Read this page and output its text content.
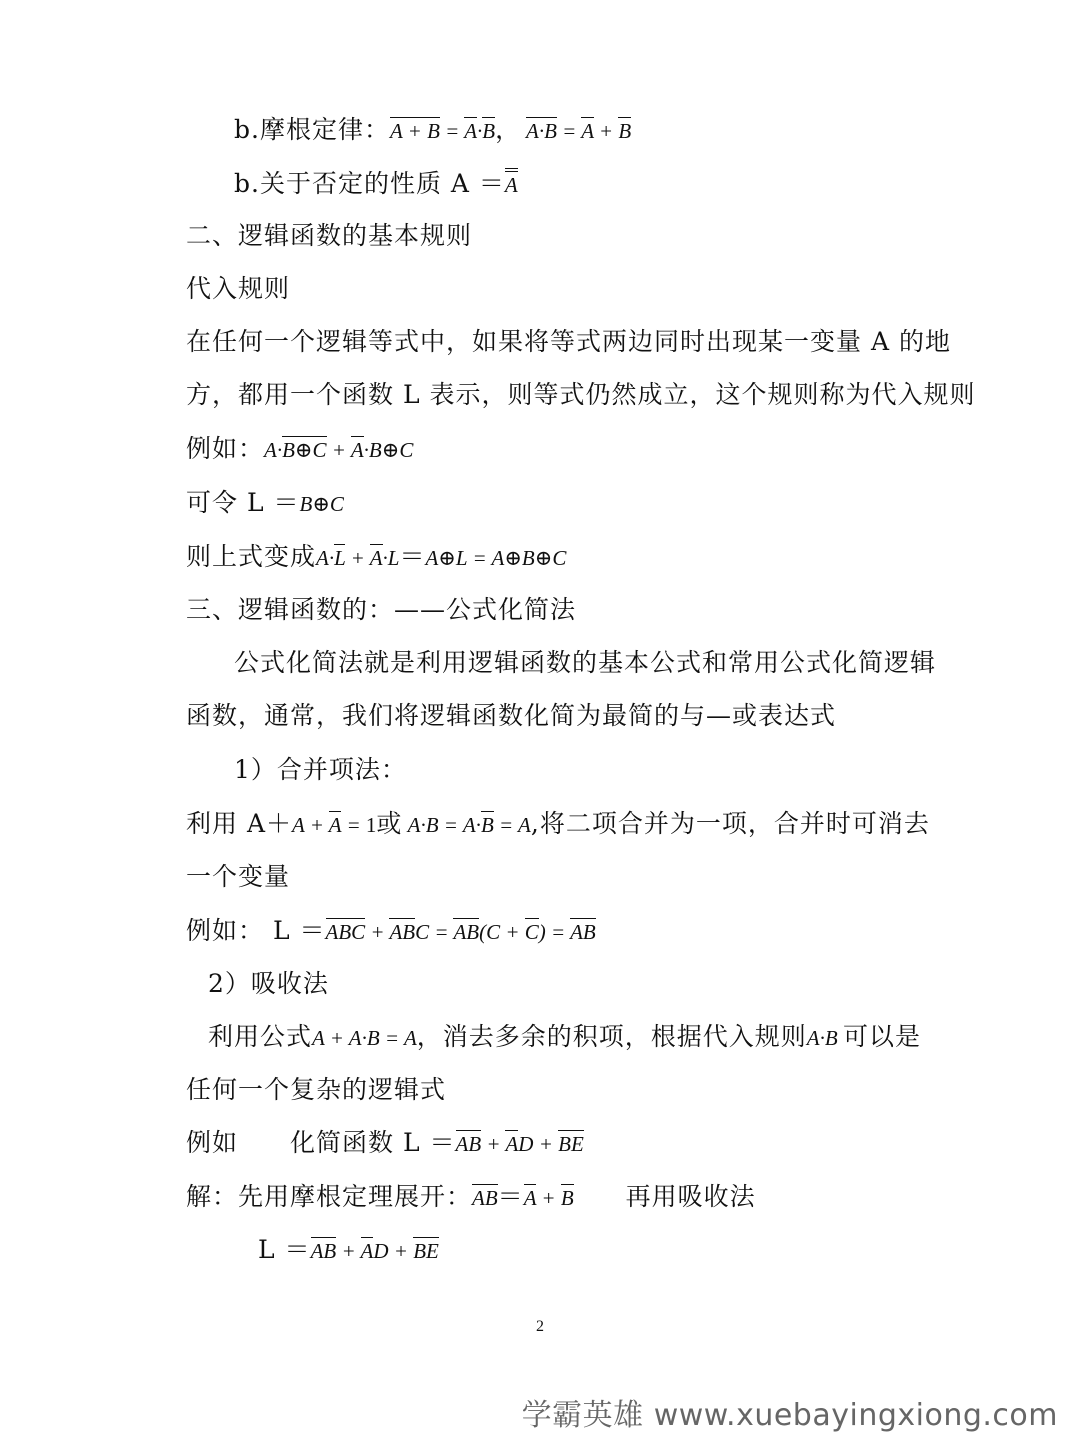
b.摩根定律：A + B = A·B， A·B = A + B
b.关于否定的性质 A ＝A
二、逻辑函数的基本规则
代入规则
在任何一个逻辑等式中，如果将等式两边同时出现某一变量 A 的地
方，都用一个函数 L 表示，则等式仍然成立，这个规则称为代入规则
例如：A·B⊕C + A·B⊕C
可令 L ＝B⊕C
则上式变成A·L + A·L＝A⊕L = A⊕B⊕C
三、逻辑函数的：——公式化简法
公式化简法就是利用逻辑函数的基本公式和常用公式化简逻辑
函数，通常，我们将逻辑函数化简为最简的与—或表达式
1）合并项法：
利用 A＋A + A = 1或 A·B = A·B = A,将二项合并为一项，合并时可消去
一个变量
例如： L ＝ABC + ABC = AB(C + C) = AB
2）吸收法
利用公式A + A·B = A，消去多余的积项，根据代入规则A·B 可以是
任何一个复杂的逻辑式
例如 化简函数 L ＝AB + AD + BE
解：先用摩根定理展开：AB＝A + B 再用吸收法
L ＝AB + AD + BE
2
学霸英雄 www.xuebayingxiong.com
